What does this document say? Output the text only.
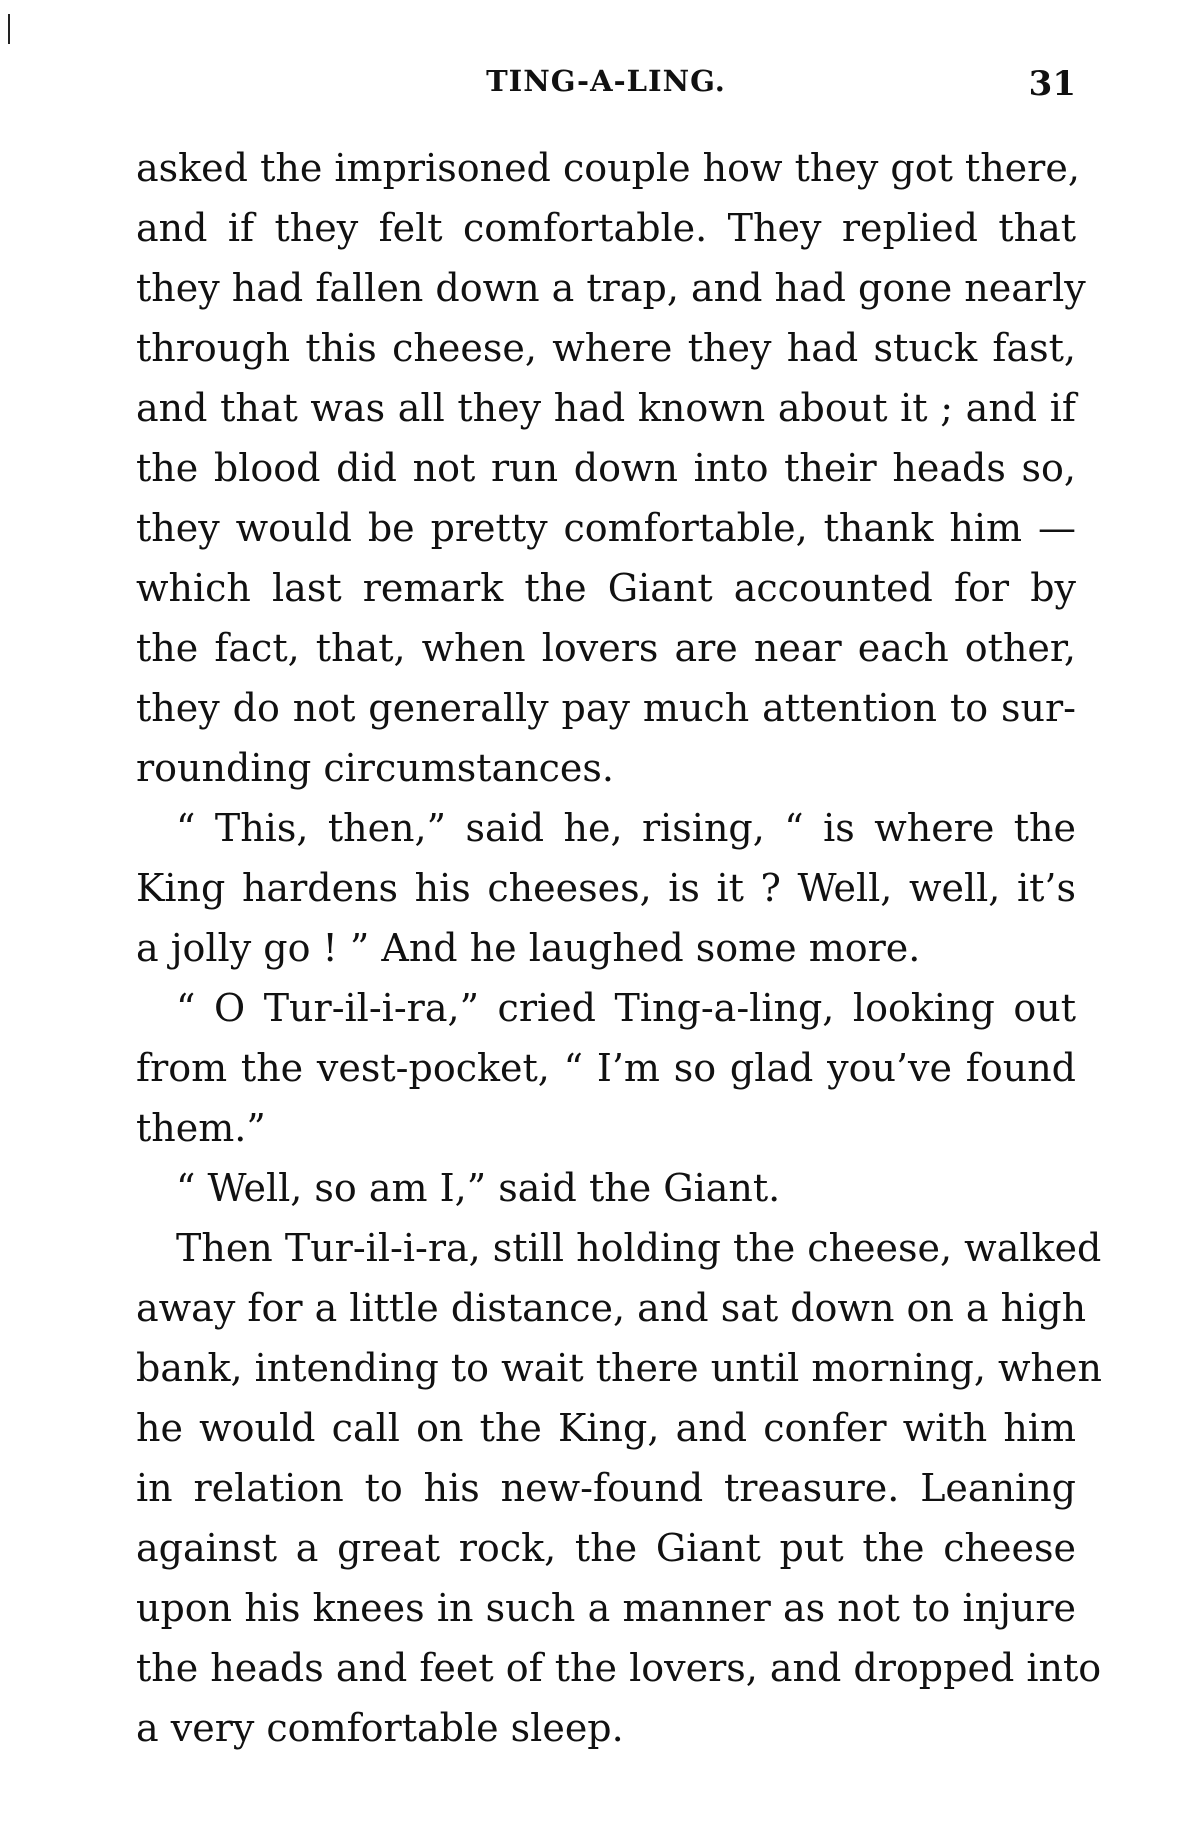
TING-A-LING.	31
asked the imprisoned couple how they got there,
and if they felt comfortable. They replied that
they had fallen down a trap, and had gone nearly
through this cheese, where they had stuck fast,
and that was all they had known about it ; and if
the blood did not run down into their heads so,
they would be pretty comfortable, thank him —
which last remark the Giant accounted for by
the fact, that, when lovers are near each other,
they do not generally pay much attention to sur-
rounding circumstances.
“ This, then,” said he, rising, “ is where the
King hardens his cheeses, is it ? Well, well, it’s
a jolly go ! ” And he laughed some more.
“ O Tur-il-i-ra,” cried Ting-a-ling, looking out
from the vest-pocket, “ I’m so glad you’ve found
them.”
“ Well, so am I,” said the Giant.
Then Tur-il-i-ra, still holding the cheese, walked
away for a little distance, and sat down on a high
bank, intending to wait there until morning, when
he would call on the King, and confer with him
in relation to his new-found treasure. Leaning
against a great rock, the Giant put the cheese
upon his knees in such a manner as not to injure
the heads and feet of the lovers, and dropped into
a very comfortable sleep.
